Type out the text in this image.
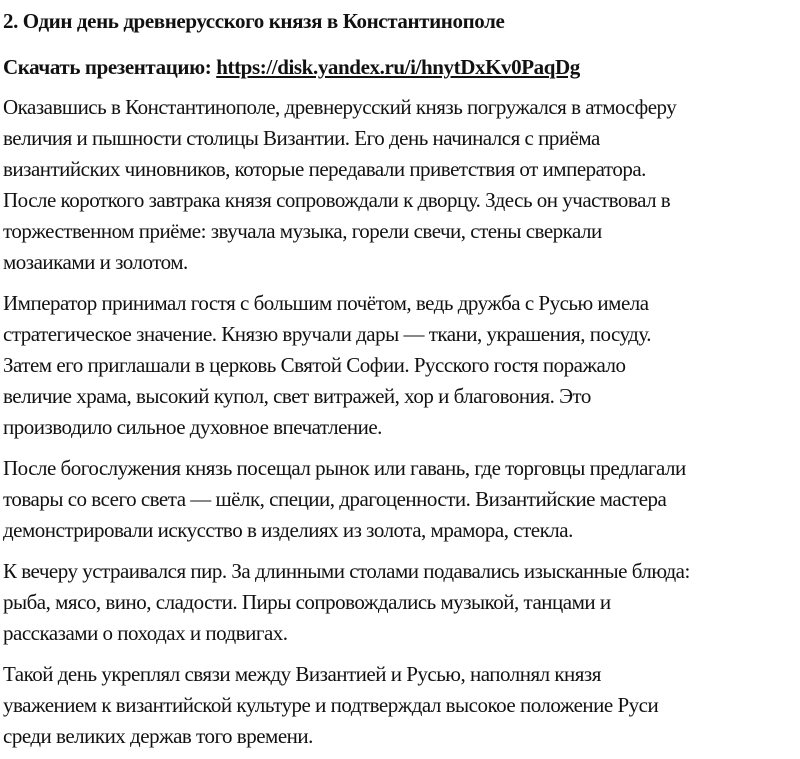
2. Один день древнерусского князя в Константинополе
Скачать презентацию: https://disk.yandex.ru/i/hnytDxKv0PaqDg
Оказавшись в Константинополе, древнерусский князь погружался в атмосферу
величия и пышности столицы Византии. Его день начинался с приёма
византийских чиновников, которые передавали приветствия от императора.
После короткого завтрака князя сопровождали к дворцу. Здесь он участвовал в
торжественном приёме: звучала музыка, горели свечи, стены сверкали
мозаиками и золотом.
Император принимал гостя с большим почётом, ведь дружба с Русью имела
стратегическое значение. Князю вручали дары — ткани, украшения, посуду.
Затем его приглашали в церковь Святой Софии. Русского гостя поражало
величие храма, высокий купол, свет витражей, хор и благовония. Это
производило сильное духовное впечатление.
После богослужения князь посещал рынок или гавань, где торговцы предлагали
товары со всего света — шёлк, специи, драгоценности. Византийские мастера
демонстрировали искусство в изделиях из золота, мрамора, стекла.
К вечеру устраивался пир. За длинными столами подавались изысканные блюда:
рыба, мясо, вино, сладости. Пиры сопровождались музыкой, танцами и
рассказами о походах и подвигах.
Такой день укреплял связи между Византией и Русью, наполнял князя
уважением к византийской культуре и подтверждал высокое положение Руси
среди великих держав того времени.
